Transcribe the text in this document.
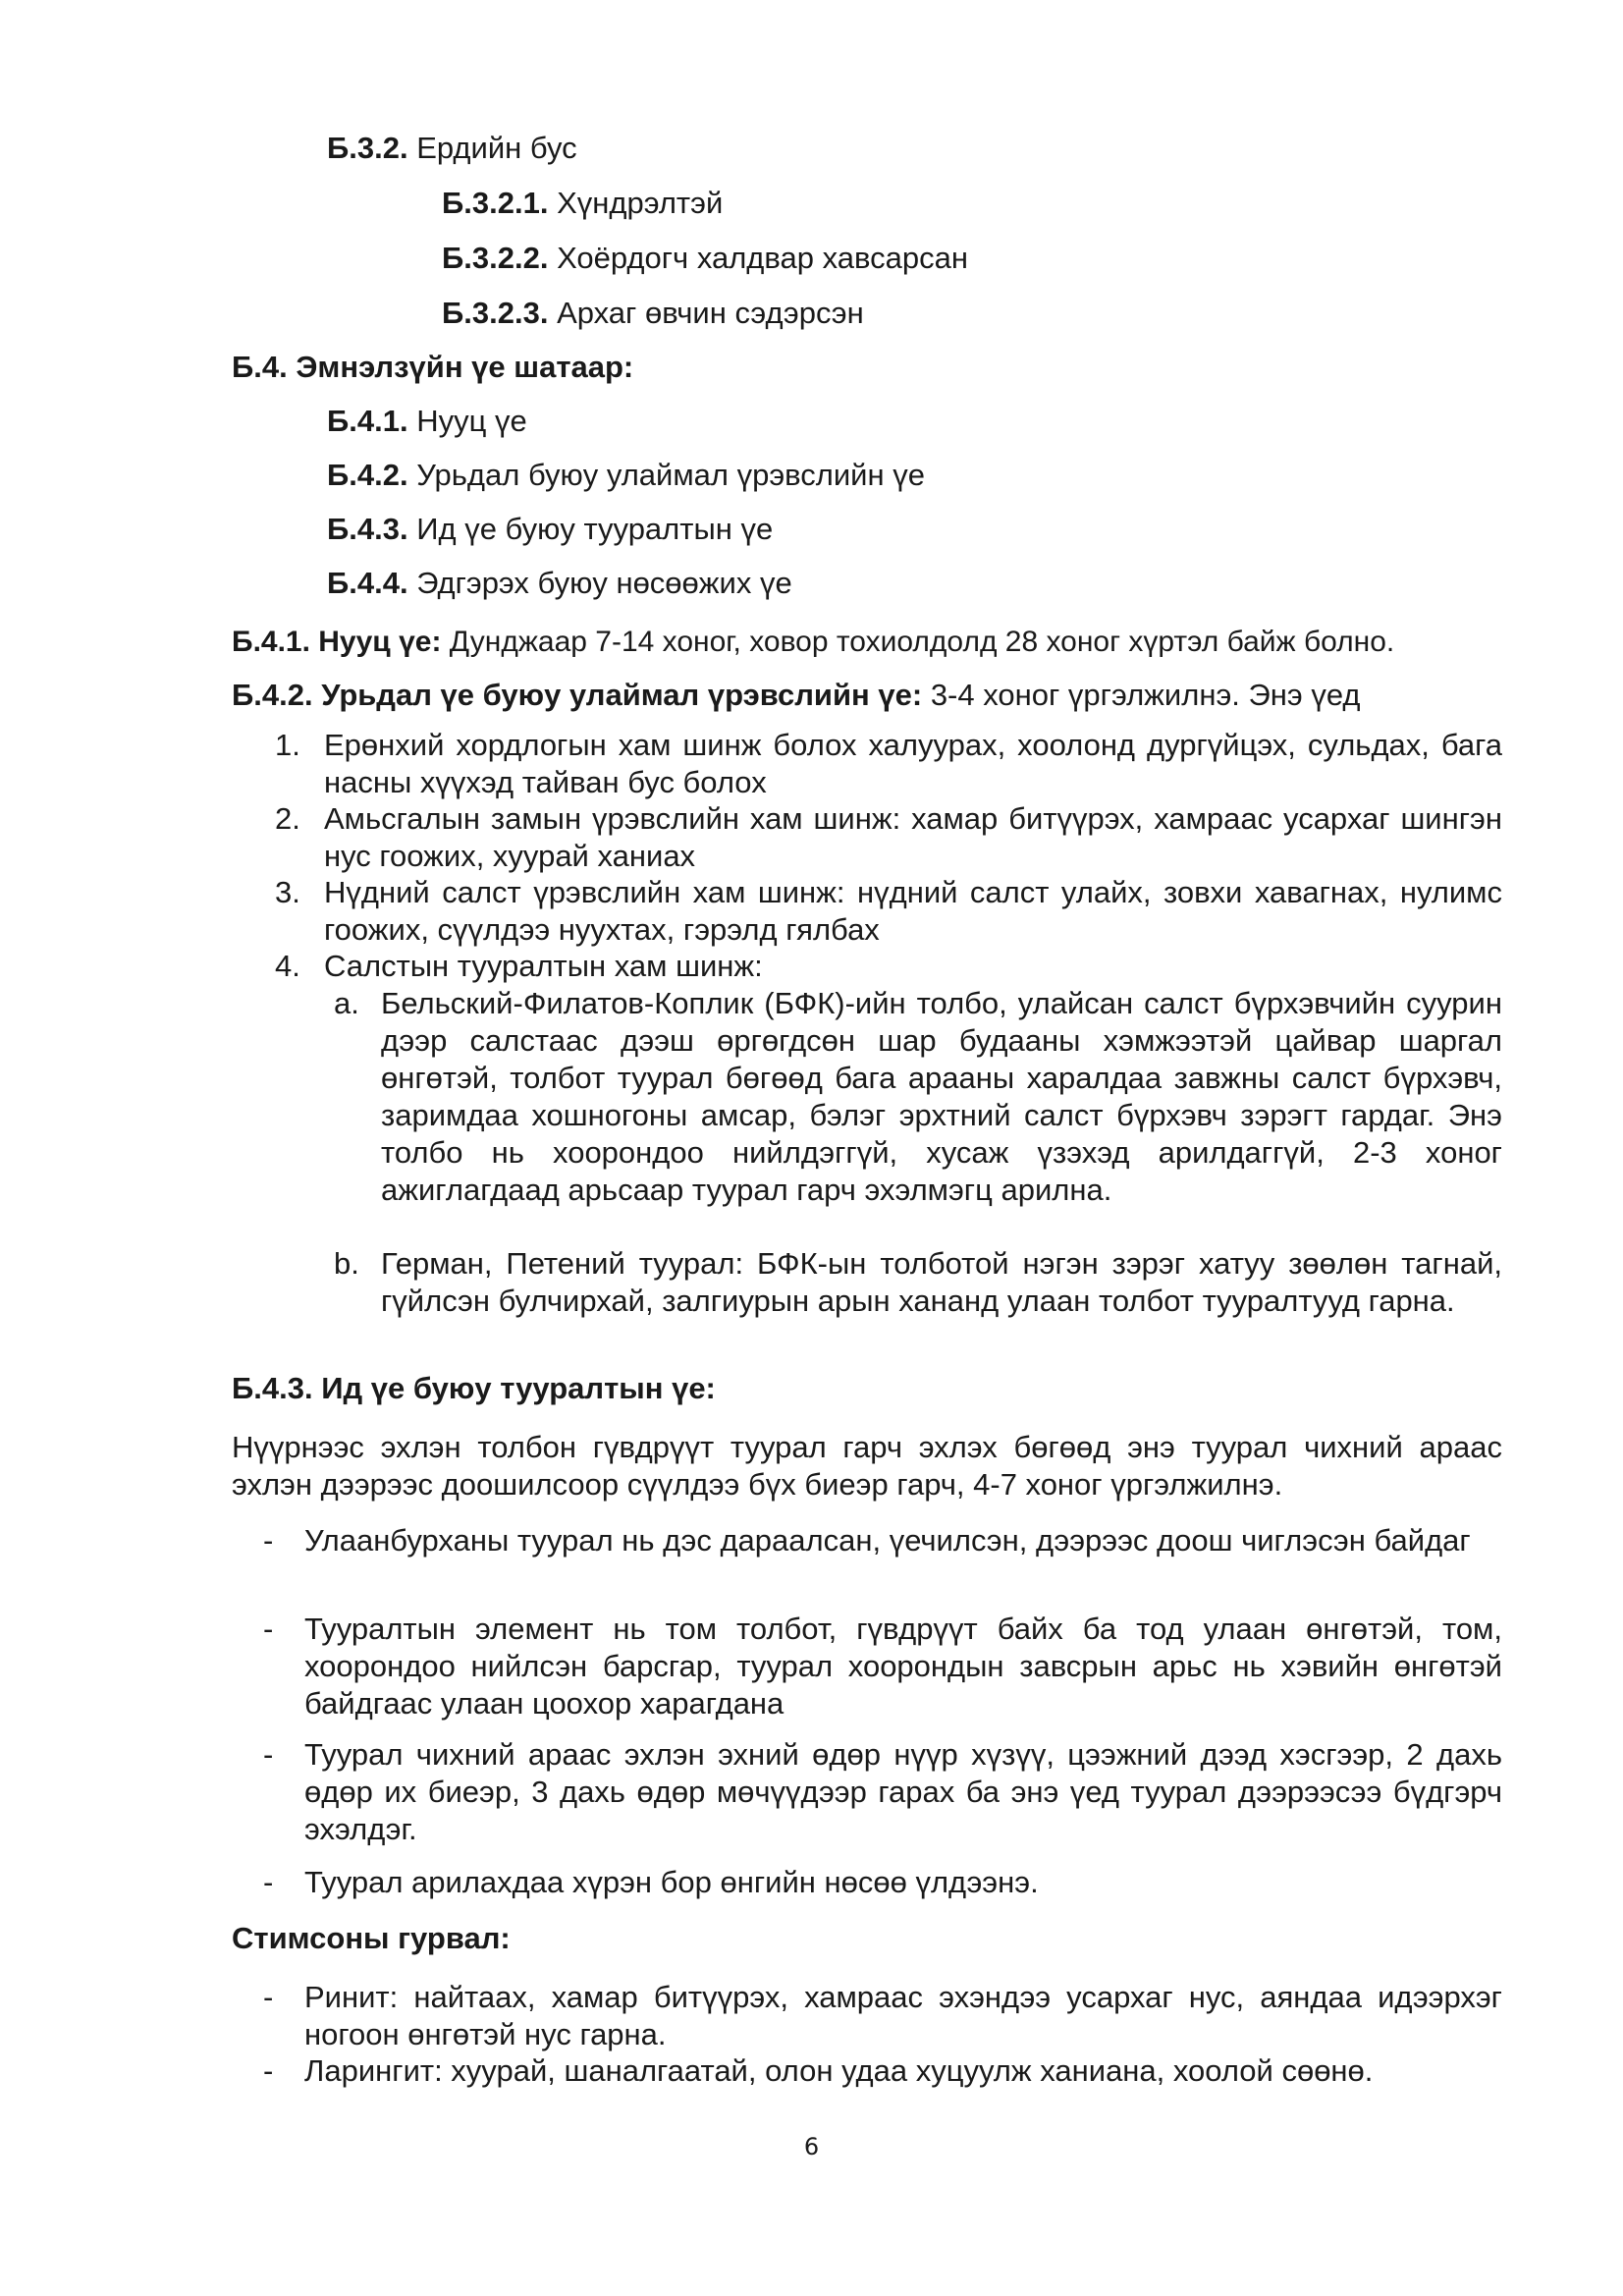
Б.3.2. Ердийн бус
Б.3.2.1. Хүндрэлтэй
Б.3.2.2. Хоёрдогч халдвар хавсарсан
Б.3.2.3. Архаг өвчин сэдэрсэн
Б.4. Эмнэлзүйн үе шатаар:
Б.4.1. Нууц үе
Б.4.2. Урьдал буюу улаймал үрэвслийн үе
Б.4.3. Ид үе буюу тууралтын үе
Б.4.4. Эдгэрэх буюу нөсөөжих үе
Б.4.1. Нууц үе: Дунджаар 7-14 хоног, ховор тохиолдолд 28 хоног хүртэл байж болно.
Б.4.2. Урьдал үе буюу улаймал үрэвслийн үе: 3-4 хоног үргэлжилнэ. Энэ үед
1. Ерөнхий хордлогын хам шинж болох халуурах, хоолонд дургүйцэх, сульдах, бага насны хүүхэд тайван бус болох
2. Амьсгалын замын үрэвслийн хам шинж: хамар битүүрэх, хамраас усархаг шингэн нус гоожих, хуурай ханиах
3. Нүдний салст үрэвслийн хам шинж: нүдний салст улайх, зовхи хавагнах, нулимс гоожих, сүүлдээ нуухтах, гэрэлд гялбах
4. Салстын тууралтын хам шинж:
a. Бельский-Филатов-Коплик (БФК)-ийн толбо, улайсан салст бүрхэвчийн суурин дээр салстаас дээш өргөгдсөн шар будааны хэмжээтэй цайвар шаргал өнгөтэй, толбот туурал бөгөөд бага арааны харалдаа завжны салст бүрхэвч, заримдаа хошногоны амсар, бэлэг эрхтний салст бүрхэвч зэрэгт гардаг. Энэ толбо нь хоорондоо нийлдэггүй, хусаж үзэхэд арилдаггүй, 2-3 хоног ажиглагдаад арьсаар туурал гарч эхэлмэгц арилна.
b. Герман, Петений туурал: БФК-ын толботой нэгэн зэрэг хатуу зөөлөн тагнай, гүйлсэн булчирхай, залгиурын арын хананд улаан толбот тууралтууд гарна.
Б.4.3. Ид үе буюу тууралтын үе:
Нүүрнээс эхлэн толбон гүвдрүүт туурал гарч эхлэх бөгөөд энэ туурал чихний араас эхлэн дээрээс доошилсоор сүүлдээ бүх биеэр гарч, 4-7 хоног үргэлжилнэ.
- Улаанбурханы туурал нь дэс дараалсан, үечилсэн, дээрээс доош чиглэсэн байдаг
- Тууралтын элемент нь том толбот, гүвдрүүт байх ба тод улаан өнгөтэй, том, хоорондоо нийлсэн барсгар, туурал хоорондын завсрын арьс нь хэвийн өнгөтэй байдгаас улаан цоохор харагдана
- Туурал чихний араас эхлэн эхний өдөр нүүр хүзүү, цээжний дээд хэсгээр, 2 дахь өдөр их биеэр, 3 дахь өдөр мөчүүдээр гарах ба энэ үед туурал дээрээсээ бүдгэрч эхэлдэг.
- Туурал арилахдаа хүрэн бор өнгийн нөсөө үлдээнэ.
Стимсоны гурвал:
- Ринит: найтаах, хамар битүүрэх, хамраас эхэндээ усархаг нус, аяндаа идээрхэг ногоон өнгөтэй нус гарна.
- Ларингит: хуурай, шаналгаатай, олон удаа хуцуулж ханиана, хоолой сөөнө.
6
